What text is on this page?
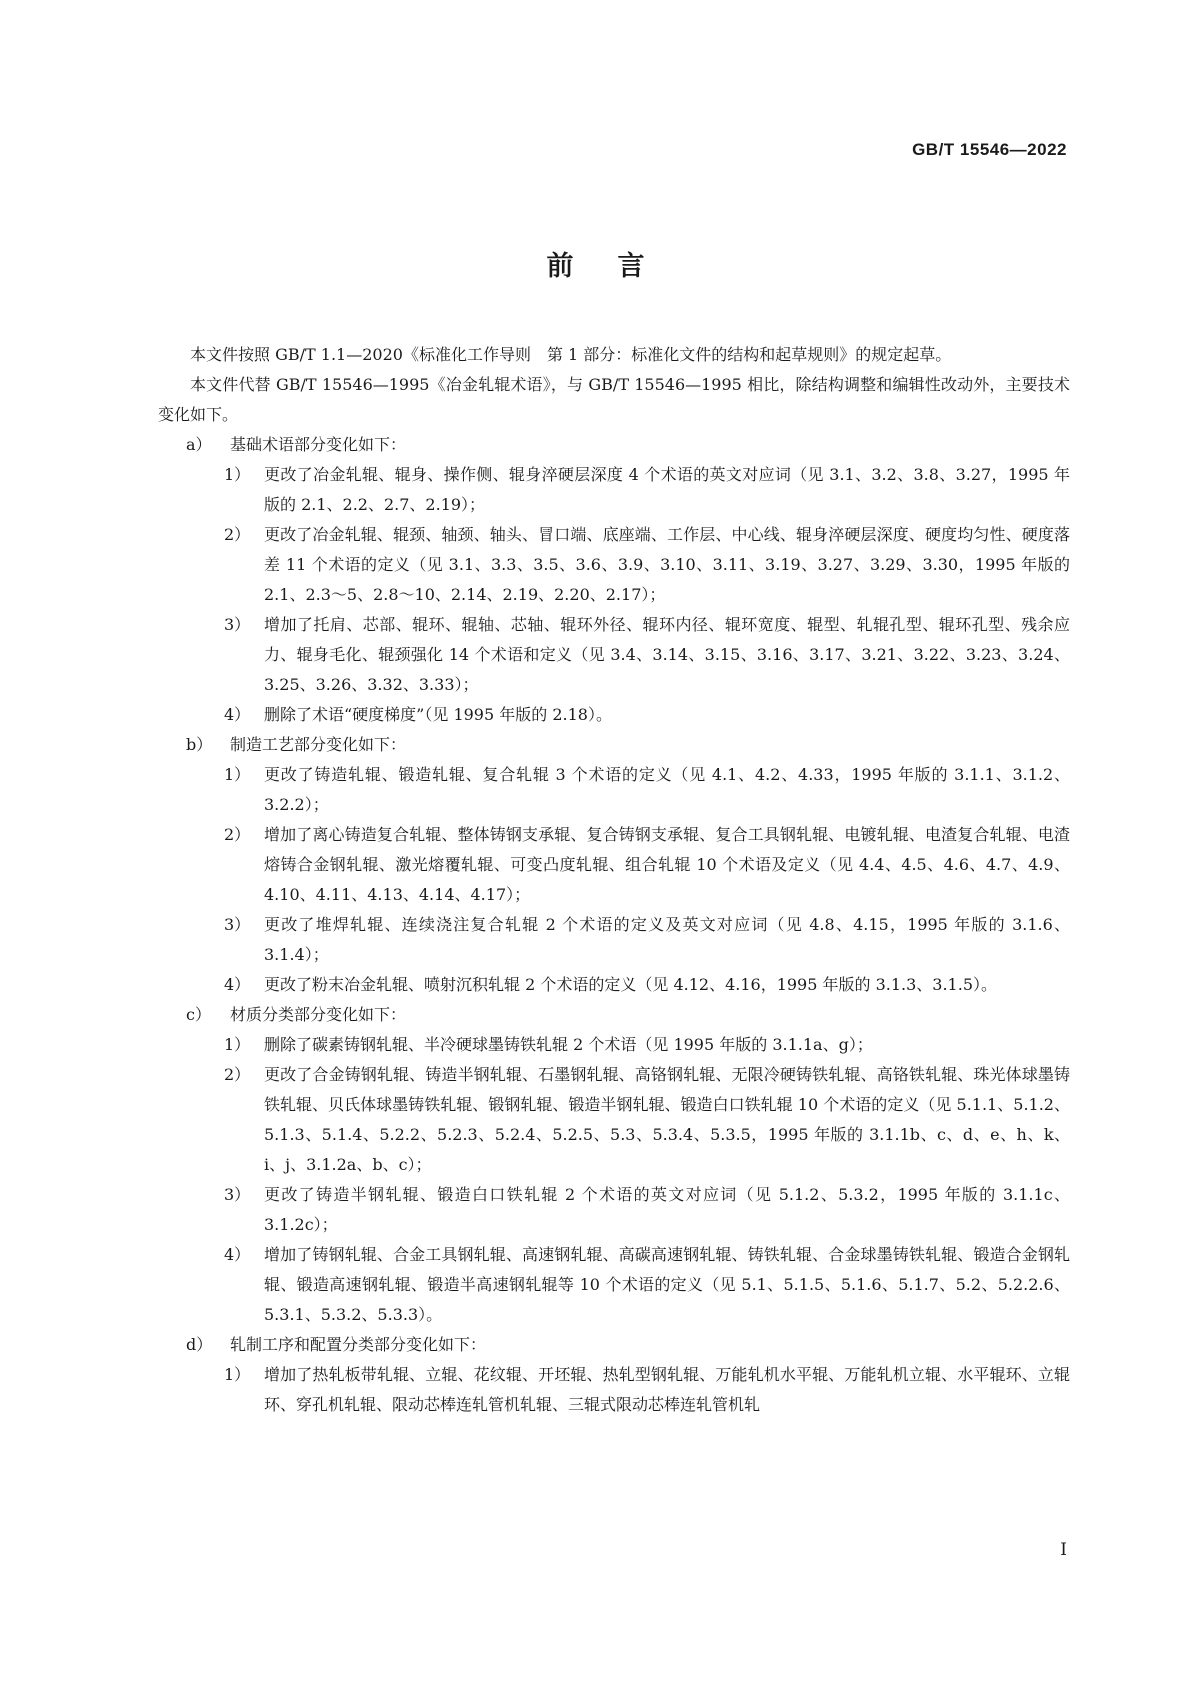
GB/T 15546—2022
前言

本文件按照 GB/T 1.1—2020《标准化工作导则　第 1 部分：标准化文件的结构和起草规则》的规定起草。

本文件代替 GB/T 15546—1995《冶金轧辊术语》，与 GB/T 15546—1995 相比，除结构调整和编辑性改动外，主要技术变化如下。

a） 基础术语部分变化如下：
1） 更改了冶金轧辊、辊身、操作侧、辊身淬硬层深度 4 个术语的英文对应词（见 3.1、3.2、3.8、3.27，1995 年版的 2.1、2.2、2.7、2.19）；
2） 更改了冶金轧辊、辊颈、轴颈、轴头、冒口端、底座端、工作层、中心线、辊身淬硬层深度、硬度均匀性、硬度落差 11 个术语的定义（见 3.1、3.3、3.5、3.6、3.9、3.10、3.11、3.19、3.27、3.29、3.30，1995 年版的 2.1、2.3～5、2.8～10、2.14、2.19、2.20、2.17）；
3） 增加了托肩、芯部、辊环、辊轴、芯轴、辊环外径、辊环内径、辊环宽度、辊型、轧辊孔型、辊环孔型、残余应力、辊身毛化、辊颈强化 14 个术语和定义（见 3.4、3.14、3.15、3.16、3.17、3.21、3.22、3.23、3.24、3.25、3.26、3.32、3.33）；
4） 删除了术语“硬度梯度”（见 1995 年版的 2.18）。
b） 制造工艺部分变化如下：
1） 更改了铸造轧辊、锻造轧辊、复合轧辊 3 个术语的定义（见 4.1、4.2、4.33，1995 年版的 3.1.1、3.1.2、3.2.2）；
2） 增加了离心铸造复合轧辊、整体铸钢支承辊、复合铸钢支承辊、复合工具钢轧辊、电镀轧辊、电渣复合轧辊、电渣熔铸合金钢轧辊、激光熔覆轧辊、可变凸度轧辊、组合轧辊 10 个术语及定义（见 4.4、4.5、4.6、4.7、4.9、4.10、4.11、4.13、4.14、4.17）；
3） 更改了堆焊轧辊、连续浇注复合轧辊 2 个术语的定义及英文对应词（见 4.8、4.15，1995 年版的 3.1.6、3.1.4）；
4） 更改了粉末冶金轧辊、喷射沉积轧辊 2 个术语的定义（见 4.12、4.16，1995 年版的 3.1.3、3.1.5）。
c） 材质分类部分变化如下：
1） 删除了碳素铸钢轧辊、半冷硬球墨铸铁轧辊 2 个术语（见 1995 年版的 3.1.1a、g）；
2） 更改了合金铸钢轧辊、铸造半钢轧辊、石墨钢轧辊、高铬钢轧辊、无限冷硬铸铁轧辊、高铬铁轧辊、珠光体球墨铸铁轧辊、贝氏体球墨铸铁轧辊、锻钢轧辊、锻造半钢轧辊、锻造白口铁轧辊 10 个术语的定义（见 5.1.1、5.1.2、5.1.3、5.1.4、5.2.2、5.2.3、5.2.4、5.2.5、5.3、5.3.4、5.3.5，1995 年版的 3.1.1b、c、d、e、h、k、i、j、3.1.2a、b、c）；
3） 更改了铸造半钢轧辊、锻造白口铁轧辊 2 个术语的英文对应词（见 5.1.2、5.3.2，1995 年版的 3.1.1c、3.1.2c）；
4） 增加了铸钢轧辊、合金工具钢轧辊、高速钢轧辊、高碳高速钢轧辊、铸铁轧辊、合金球墨铸铁轧辊、锻造合金钢轧辊、锻造高速钢轧辊、锻造半高速钢轧辊等 10 个术语的定义（见 5.1、5.1.5、5.1.6、5.1.7、5.2、5.2.2.6、5.3.1、5.3.2、5.3.3）。
d） 轧制工序和配置分类部分变化如下：
1） 增加了热轧板带轧辊、立辊、花纹辊、开坯辊、热轧型钢轧辊、万能轧机水平辊、万能轧机立辊、水平辊环、立辊环、穿孔机轧辊、限动芯棒连轧管机轧辊、三辊式限动芯棒连轧管机轧
I
